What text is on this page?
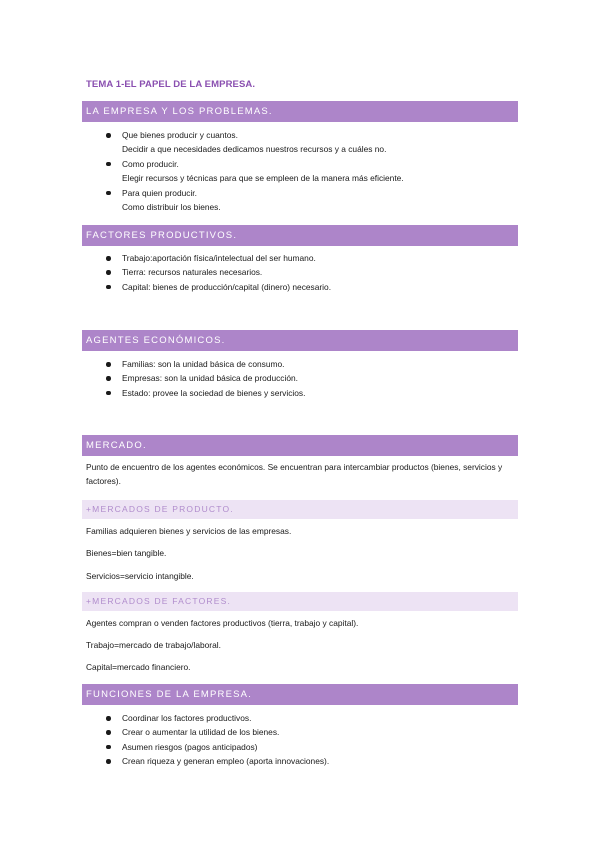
TEMA 1-EL PAPEL DE LA EMPRESA.
LA EMPRESA Y LOS PROBLEMAS.
Que bienes producir y cuantos.
Decidir a que necesidades dedicamos nuestros recursos y a cuáles no.
Como producir.
Elegir recursos y técnicas para que se empleen de la manera más eficiente.
Para quien producir.
Como distribuir los bienes.
FACTORES PRODUCTIVOS.
Trabajo:aportación física/intelectual del ser humano.
Tierra: recursos naturales necesarios.
Capital: bienes de producción/capital (dinero) necesario.
AGENTES ECONÓMICOS.
Familias: son la unidad básica de consumo.
Empresas: son la unidad básica de producción.
Estado: provee la sociedad de bienes y servicios.
MERCADO.

Punto de encuentro de los agentes económicos. Se encuentran para intercambiar productos (bienes, servicios y factores).

+MERCADOS DE PRODUCTO.

Familias adquieren bienes y servicios de las empresas.

Bienes=bien tangible.

Servicios=servicio intangible.

+MERCADOS DE FACTORES.

Agentes compran o venden factores productivos (tierra, trabajo y capital).

Trabajo=mercado de trabajo/laboral.

Capital=mercado financiero.

FUNCIONES DE LA EMPRESA.
Coordinar los factores productivos.
Crear o aumentar la utilidad de los bienes.
Asumen riesgos (pagos anticipados)
Crean riqueza y generan empleo (aporta innovaciones).
